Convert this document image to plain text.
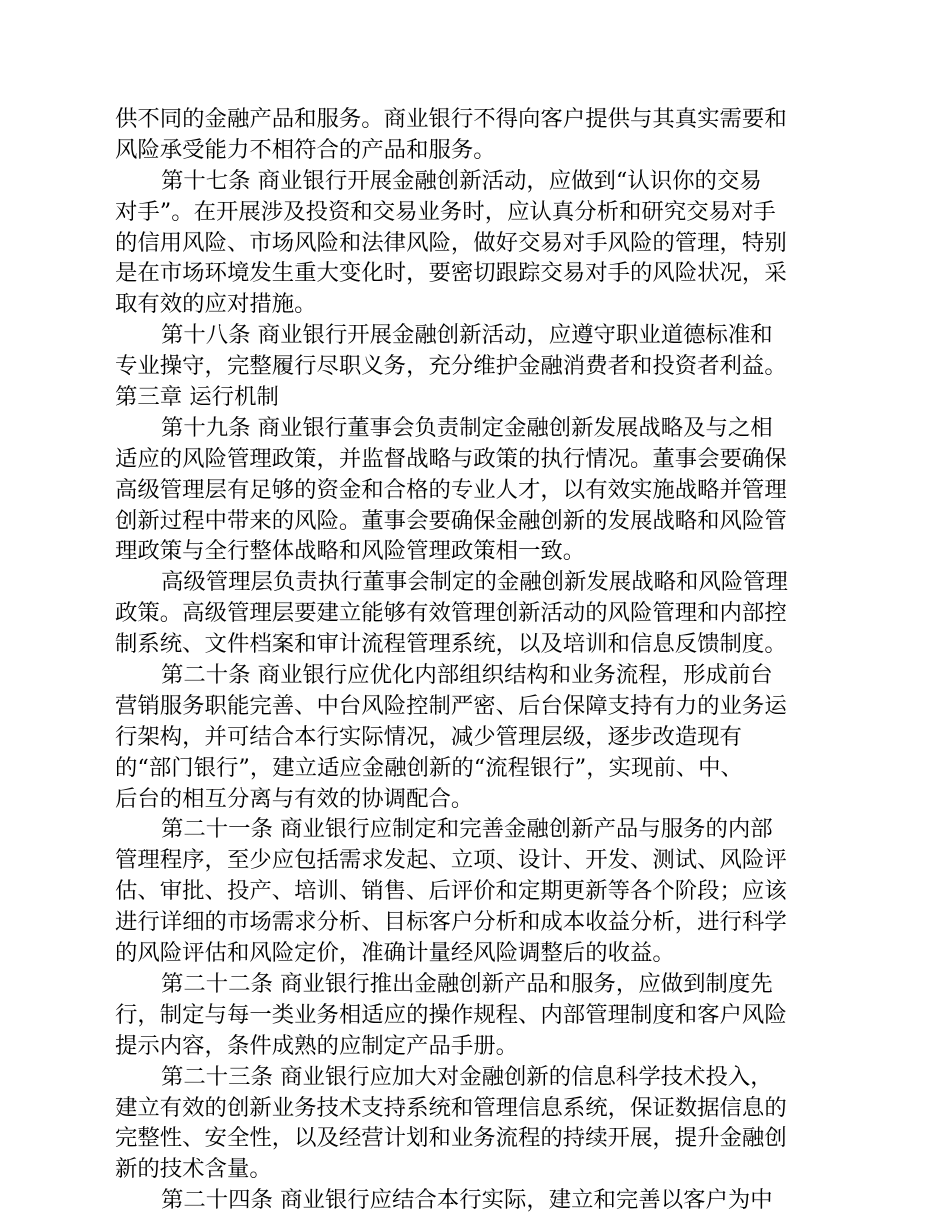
供不同的金融产品和服务。商业银行不得向客户提供与其真实需要和
风险承受能力不相符合的产品和服务。
第十七条 商业银行开展金融创新活动，应做到“认识你的交易
对手”。在开展涉及投资和交易业务时，应认真分析和研究交易对手
的信用风险、市场风险和法律风险，做好交易对手风险的管理，特别
是在市场环境发生重大变化时，要密切跟踪交易对手的风险状况，采
取有效的应对措施。
第十八条 商业银行开展金融创新活动，应遵守职业道德标准和
专业操守，完整履行尽职义务，充分维护金融消费者和投资者利益。
第三章 运行机制
第十九条 商业银行董事会负责制定金融创新发展战略及与之相
适应的风险管理政策，并监督战略与政策的执行情况。董事会要确保
高级管理层有足够的资金和合格的专业人才，以有效实施战略并管理
创新过程中带来的风险。董事会要确保金融创新的发展战略和风险管
理政策与全行整体战略和风险管理政策相一致。
高级管理层负责执行董事会制定的金融创新发展战略和风险管理
政策。高级管理层要建立能够有效管理创新活动的风险管理和内部控
制系统、文件档案和审计流程管理系统，以及培训和信息反馈制度。
第二十条 商业银行应优化内部组织结构和业务流程，形成前台
营销服务职能完善、中台风险控制严密、后台保障支持有力的业务运
行架构，并可结合本行实际情况，减少管理层级，逐步改造现有
的“部门银行”，建立适应金融创新的“流程银行”，实现前、中、
后台的相互分离与有效的协调配合。
第二十一条 商业银行应制定和完善金融创新产品与服务的内部
管理程序，至少应包括需求发起、立项、设计、开发、测试、风险评
估、审批、投产、培训、销售、后评价和定期更新等各个阶段；应该
进行详细的市场需求分析、目标客户分析和成本收益分析，进行科学
的风险评估和风险定价，准确计量经风险调整后的收益。
第二十二条 商业银行推出金融创新产品和服务，应做到制度先
行，制定与每一类业务相适应的操作规程、内部管理制度和客户风险
提示内容，条件成熟的应制定产品手册。
第二十三条 商业银行应加大对金融创新的信息科学技术投入，
建立有效的创新业务技术支持系统和管理信息系统，保证数据信息的
完整性、安全性，以及经营计划和业务流程的持续开展，提升金融创
新的技术含量。
第二十四条 商业银行应结合本行实际，建立和完善以客户为中
